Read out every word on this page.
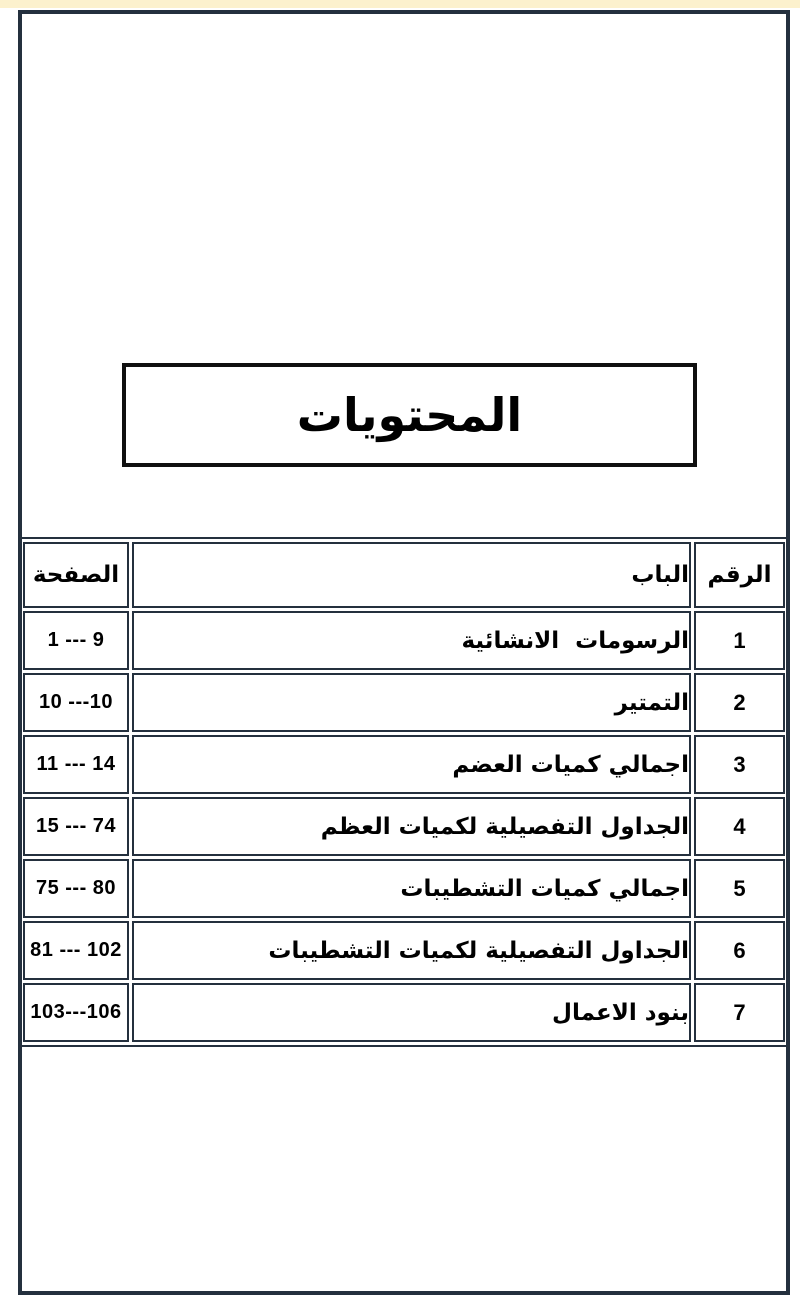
المحتويات
الرقم	الباب	الصفحة
1	الرسومات  الانشائية	1 --- 9
2	التمتير	10 ---10
3	اجمالي كميات العضم	11 --- 14
4	الجداول التفصيلية لكميات العظم	15 --- 74
5	اجمالي كميات التشطيبات	75 --- 80
6	الجداول التفصيلية لكميات التشطيبات	81 --- 102
7	بنود الاعمال	103---106
